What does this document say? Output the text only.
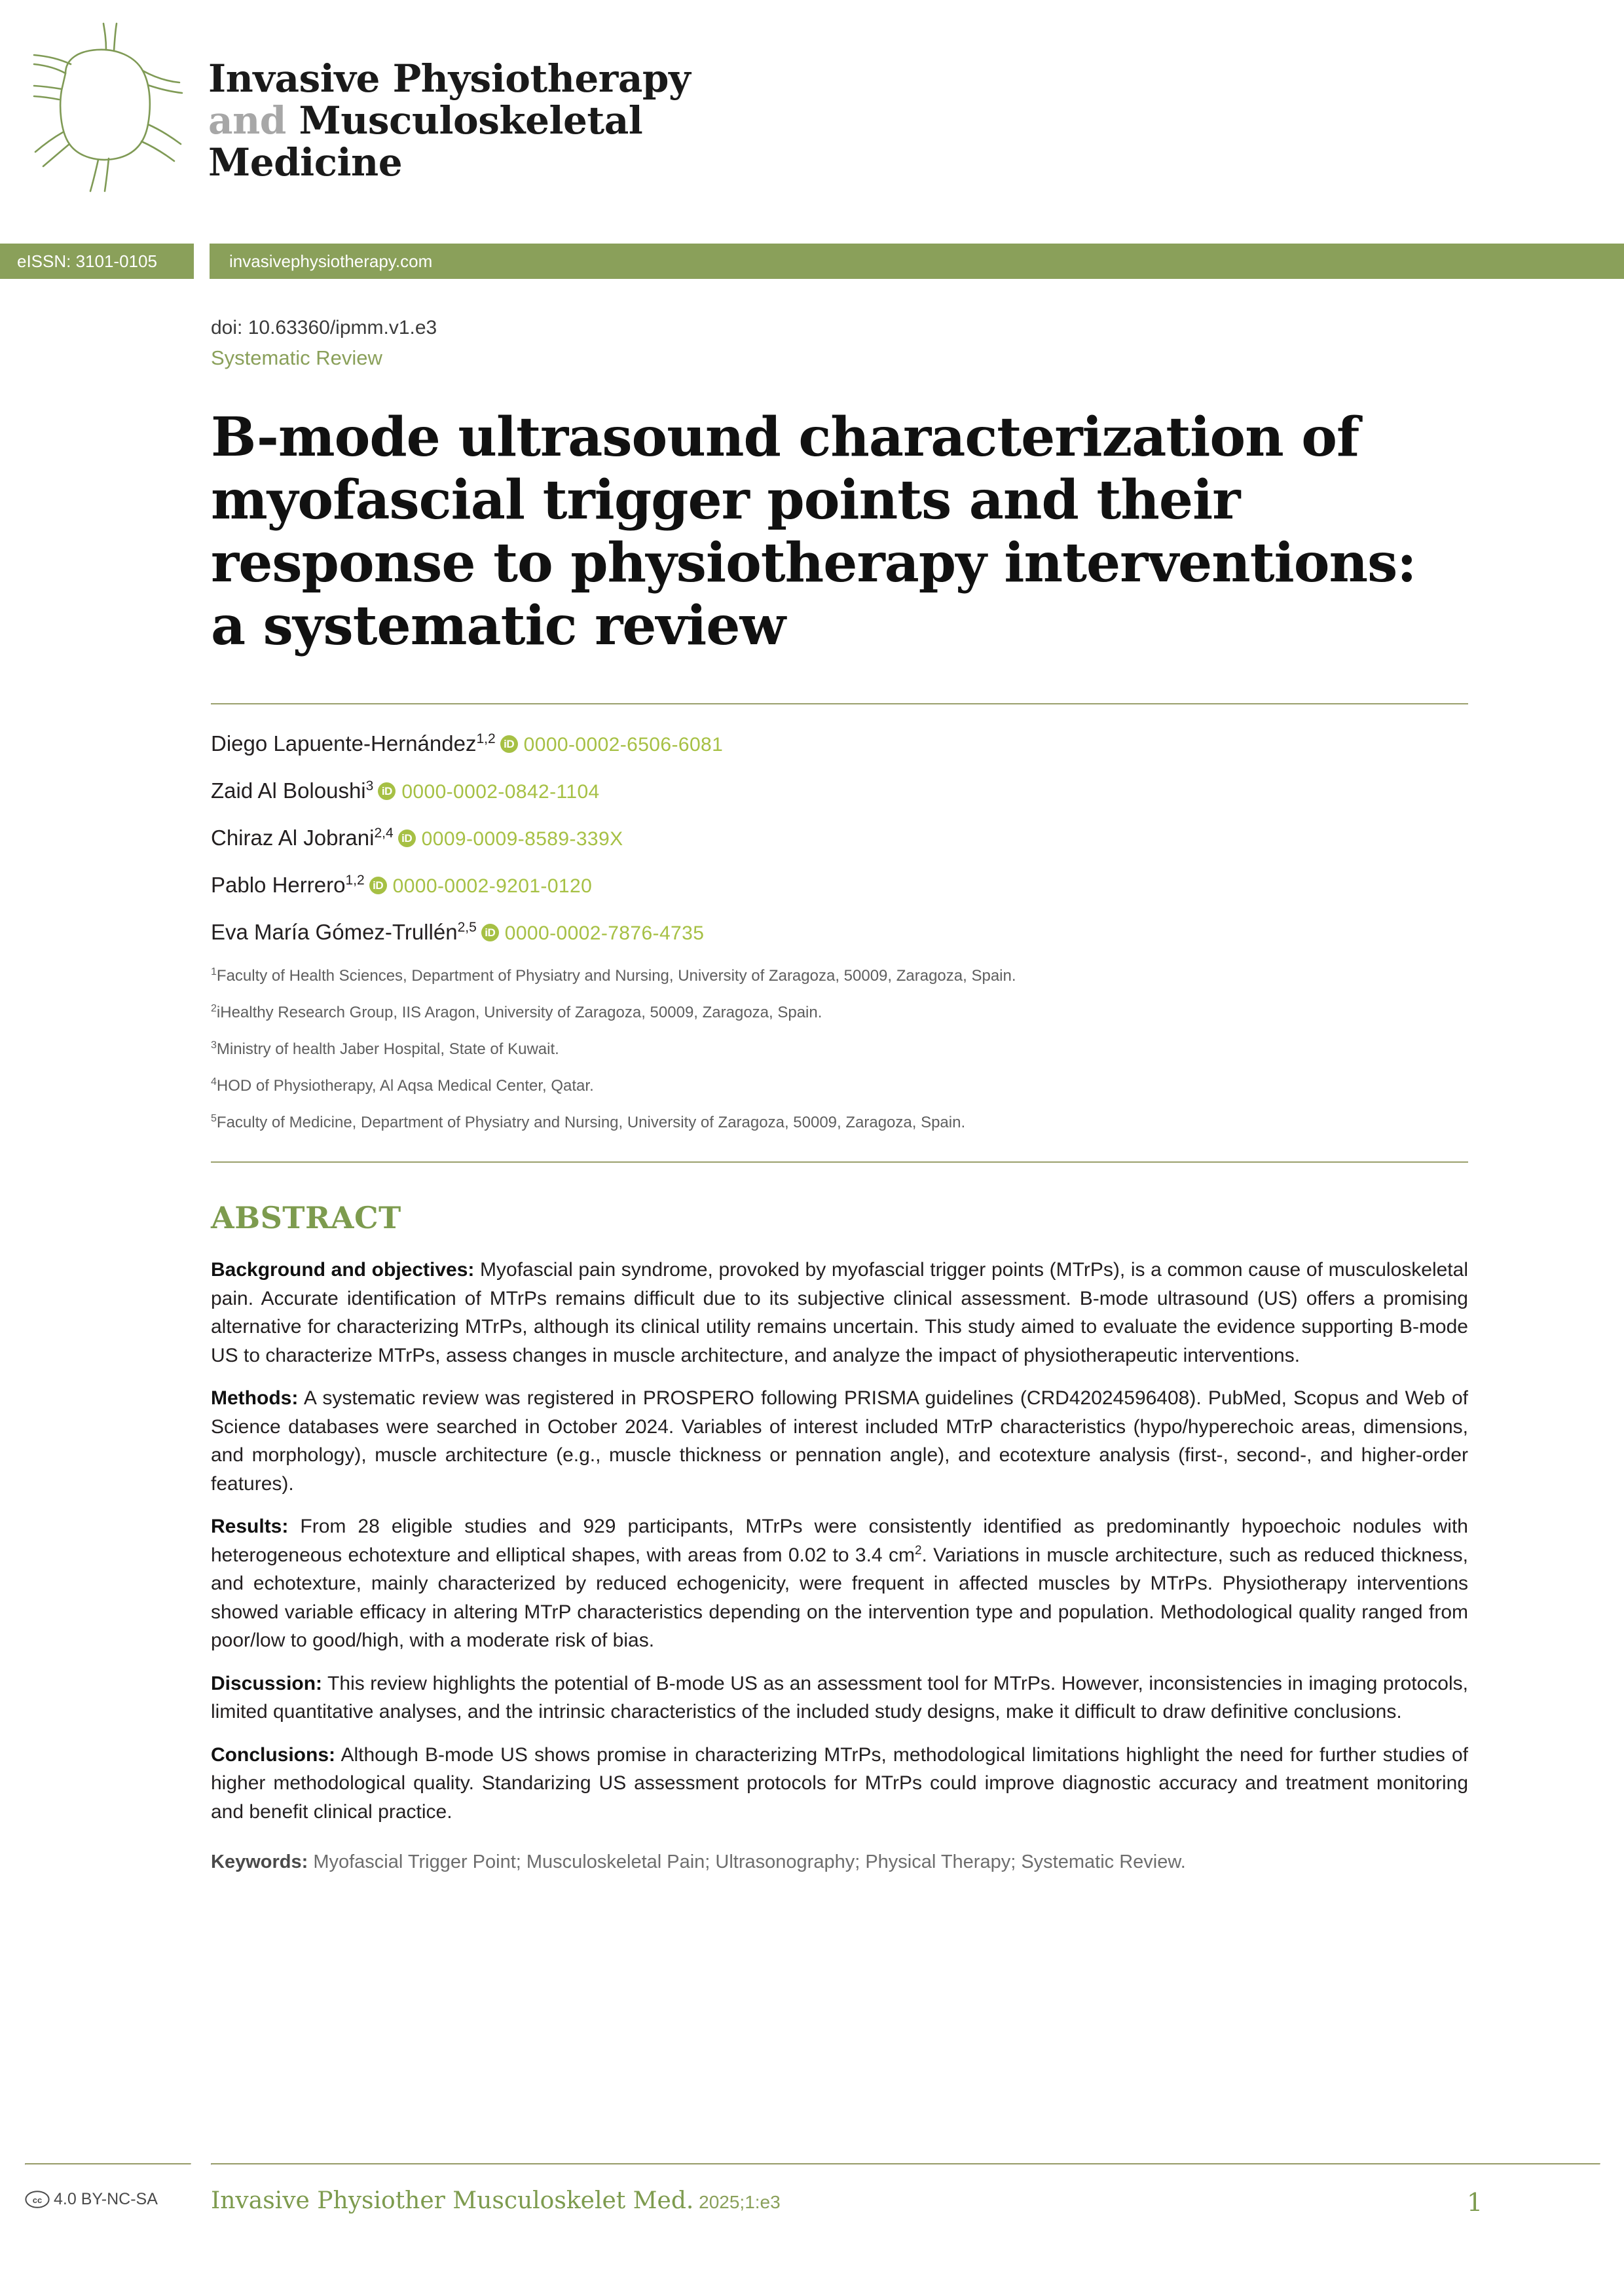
Invasive Physiotherapy
and Musculoskeletal
Medicine
eISSN: 3101-0105	invasivephysiotherapy.com

doi: 10.63360/ipmm.v1.e3

Systematic Review

B-mode ultrasound characterization of myofascial trigger points and their response to physiotherapy interventions: a systematic review

Diego Lapuente-Hernández$^{1,2}$ iD 0000-0002-6506-6081

Zaid Al Boloushi$^3$ iD 0000-0002-0842-1104

Chiraz Al Jobrani$^{2,4}$ iD 0009-0009-8589-339X

Pablo Herrero$^{1,2}$ iD 0000-0002-9201-0120

Eva María Gómez-Trullén$^{2,5}$ iD 0000-0002-7876-4735

$^1$Faculty of Health Sciences, Department of Physiatry and Nursing, University of Zaragoza, 50009, Zaragoza, Spain.

$^2$iHealthy Research Group, IIS Aragon, University of Zaragoza, 50009, Zaragoza, Spain.

$^3$Ministry of health Jaber Hospital, State of Kuwait.

$^4$HOD of Physiotherapy, Al Aqsa Medical Center, Qatar.

$^5$Faculty of Medicine, Department of Physiatry and Nursing, University of Zaragoza, 50009, Zaragoza, Spain.

ABSTRACT

Background and objectives: Myofascial pain syndrome, provoked by myofascial trigger points (MTrPs), is a common cause of musculoskeletal pain. Accurate identification of MTrPs remains difficult due to its subjective clinical assessment. B-mode ultrasound (US) offers a promising alternative for characterizing MTrPs, although its clinical utility remains uncertain. This study aimed to evaluate the evidence supporting B-mode US to characterize MTrPs, assess changes in muscle architecture, and analyze the impact of physiotherapeutic interventions.

Methods: A systematic review was registered in PROSPERO following PRISMA guidelines (CRD42024596408). PubMed, Scopus and Web of Science databases were searched in October 2024. Variables of interest included MTrP characteristics (hypo/hyperechoic areas, dimensions, and morphology), muscle architecture (e.g., muscle thickness or pennation angle), and ecotexture analysis (first-, second-, and higher-order features).

Results: From 28 eligible studies and 929 participants, MTrPs were consistently identified as predominantly hypoechoic nodules with heterogeneous echotexture and elliptical shapes, with areas from 0.02 to 3.4 $cm^2$. Variations in muscle architecture, such as reduced thickness, and echotexture, mainly characterized by reduced echogenicity, were frequent in affected muscles by MTrPs. Physiotherapy interventions showed variable efficacy in altering MTrP characteristics depending on the intervention type and population. Methodological quality ranged from poor/low to good/high, with a moderate risk of bias.

Discussion: This review highlights the potential of B-mode US as an assessment tool for MTrPs. However, inconsistencies in imaging protocols, limited quantitative analyses, and the intrinsic characteristics of the included study designs, make it difficult to draw definitive conclusions.

Conclusions: Although B-mode US shows promise in characterizing MTrPs, methodological limitations highlight the need for further studies of higher methodological quality. Standarizing US assessment protocols for MTrPs could improve diagnostic accuracy and treatment monitoring and benefit clinical practice.

Keywords: Myofascial Trigger Point; Musculoskeletal Pain; Ultrasonography; Physical Therapy; Systematic Review.

cc 4.0 BY-NC-SA Invasive Physiother Musculoskelet Med. 2025;1:e3	1
